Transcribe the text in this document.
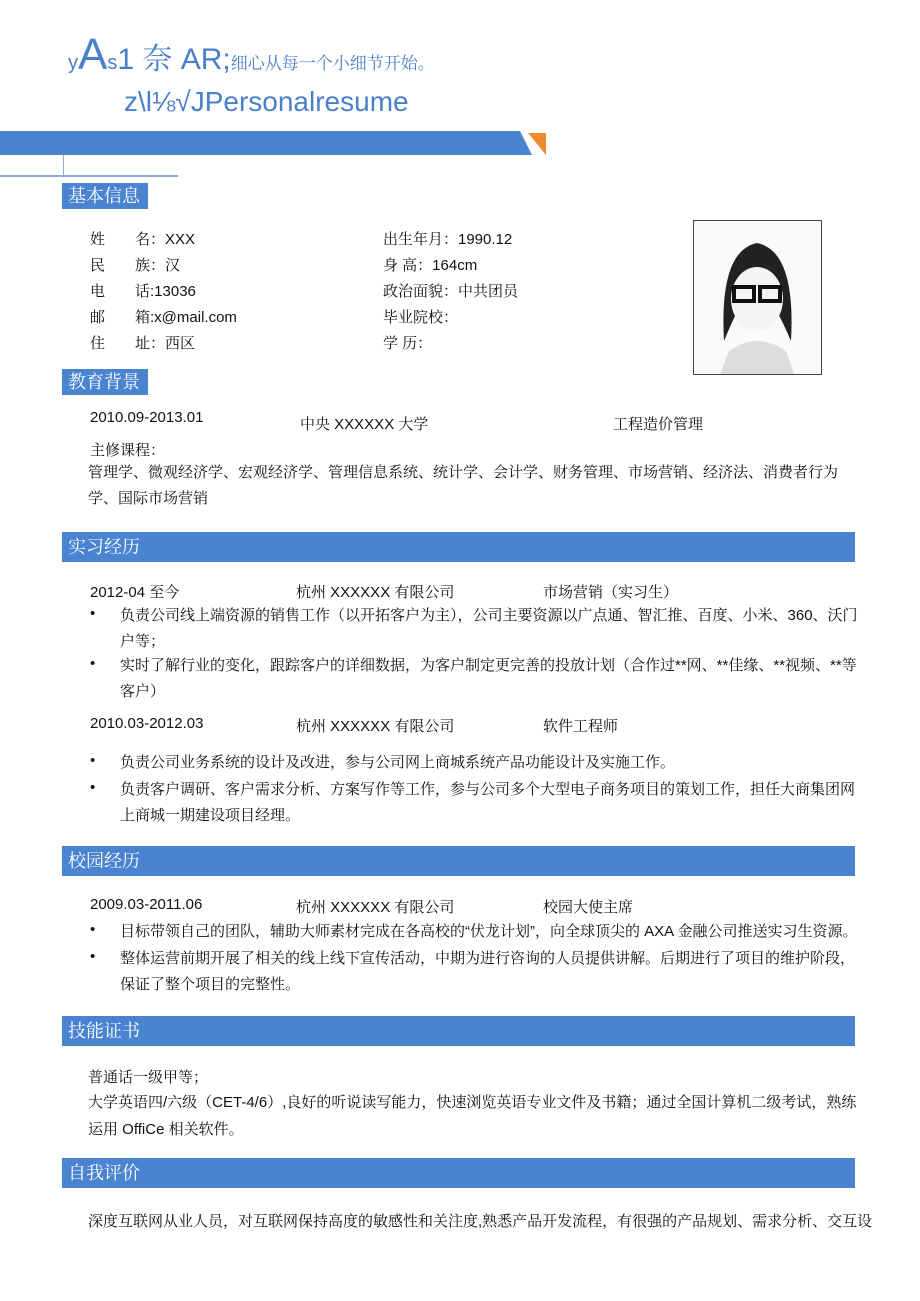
yAs1 奈 AR;细心从每一个小细节开始。
z\l⅛√JPersonalresume
基本信息
姓　　名：XXX
民　　族：汉
电　　话:13036
邮　　箱:x@mail.com
住　　址：西区
出生年月：1990.12
身 高：164cm
政治面貌：中共团员
毕业院校：
学 历：
教育背景
2010.09-2013.01	中央 XXXXXX 大学	工程造价管理
主修课程：
管理学、微观经济学、宏观经济学、管理信息系统、统计学、会计学、财务管理、市场营销、经济法、消费者行为学、国际市场营销
实习经历
2012-04 至今	杭州 XXXXXX 有限公司	市场营销（实习生）
• 负责公司线上端资源的销售工作（以开拓客户为主），公司主要资源以广点通、智汇推、百度、小米、360、沃门户等；
• 实时了解行业的变化，跟踪客户的详细数据，为客户制定更完善的投放计划（合作过**网、**佳缘、**视频、**等客户）
2010.03-2012.03	杭州 XXXXXX 有限公司	软件工程师
• 负责公司业务系统的设计及改进，参与公司网上商城系统产品功能设计及实施工作。
• 负责客户调研、客户需求分析、方案写作等工作，参与公司多个大型电子商务项目的策划工作，担任大商集团网上商城一期建设项目经理。
校园经历
2009.03-2011.06	杭州 XXXXXX 有限公司	校园大使主席
• 目标带领自己的团队，辅助大师素材完成在各高校的“伏龙计划”，向全球顶尖的 AXA 金融公司推送实习生资源。
• 整体运营前期开展了相关的线上线下宣传活动，中期为进行咨询的人员提供讲解。后期进行了项目的维护阶段，保证了整个项目的完整性。
技能证书
普通话一级甲等；
大学英语四/六级（CET-4/6）,良好的听说读写能力，快速浏览英语专业文件及书籍；通过全国计算机二级考试，熟练运用 OffiCe 相关软件。
自我评价
深度互联网从业人员，对互联网保持高度的敏感性和关注度,熟悉产品开发流程，有很强的产品规划、需求分析、交互设
